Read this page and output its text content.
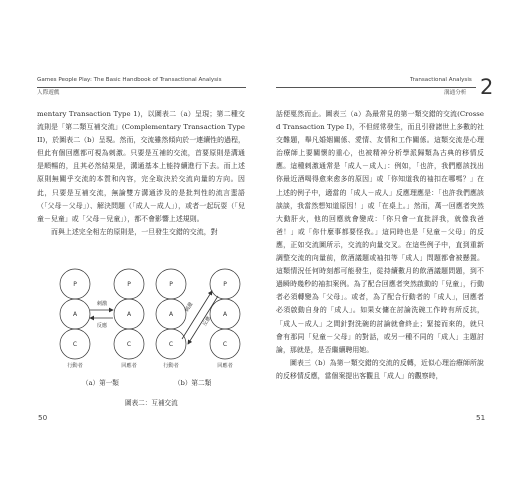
Games People Play: The Basic Handbook of Transactional Analysis
人際遊戲

mentary Transaction Type 1)，以圖表二（a）呈現；第二種交流則是「第二類互補交流」(Complementary Transaction Type II)，於圖表二（b）呈現。然而，交流雖然傾向於一連續性的過程，但此有個回應都可視為刺激。只要是互補的交流，首要原則是溝通是順暢的，且其必然結果是，溝通基本上能持續進行下去。而上述原則無關乎交流的本質和內容，完全取決於交流向量的方向。因此，只要是互補交流，無論雙方溝通涉及的是批判性的流言蜚語（「父母－父母」）、解決問題（「成人－成人」），或者一起玩耍（「兒童－兒童」或「父母－兒童」），都不會影響上述規則。

而與上述完全相左的原則是，一旦發生交錯的交流，對

P
A
C
P
A
C
P
A
C
P
A
C
刺激
反應
刺激
反應
行動者	回應者	行動者	回應者
（a）第一類	（b）第二類
圖表二：互補交流
50
Transactional Analysis
溝通分析 2

話便戛然而止。圖表三（a）為最常見的第一類交錯的交流(Crossed Transaction Type I)，不但經常發生，而且引發諸世上多數的社交難題，舉凡婚姻關係、愛情、友情和工作關係。這類交流是心理治療師上要關懷的重心，也被精神分析學派歸類為古典的移情反應。這種刺激通常是「成人－成人」：例如，「也許，我們應該找出你最近酒喝得愈來愈多的原因」或「你知道我的袖扣在哪嗎？」在上述的例子中，適當的「成人－成人」反應理應是：「也許我們應該談談，我當然想知道原因！」或「在桌上。」然而，萬一回應者突然大動肝火，他的回應就會變成：「你只會一直批評我，就像我爸爸！」或「你什麼事都要怪我。」這同時也是「兒童－父母」的反應，正如交流圖所示，交流的向量交叉。在這些例子中，直到重新調整交流的向量前，飲酒議題或袖扣等「成人」問題都會被懸置。這類情況任何時刻都可能發生，從持續數月的飲酒議題問題，到不過瞬時幾秒的袖扣案例。為了配合回應者突然啟動的「兒童」，行動者必須轉變為「父母」。或者，為了配合行動者的「成人」，回應者必須啟動自身的「成人」。如果女傭在討論洗碗工作時有所反抗，「成人－成人」之間針對洗碗的討論就會終止；緊接而來的，就只會有那同「兒童－父母」的對話，或另一種不同的「成人」主題討論，那就是，是否繼續聘用她。

圖表三（b）為第一類交錯的交流的反轉，近似心理治療師所說的反移情反應，當個案提出客觀且「成人」的觀察時，

51
